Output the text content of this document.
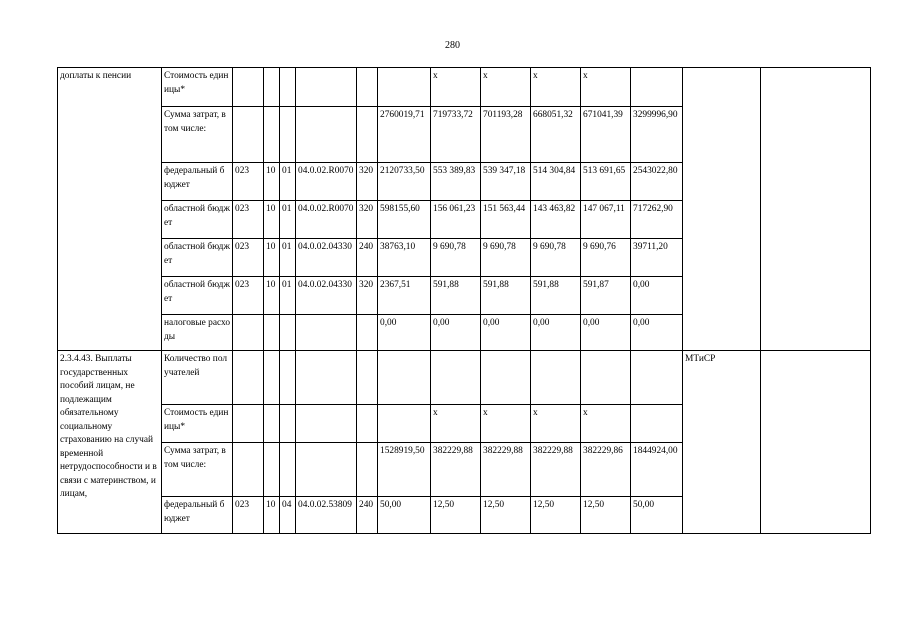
280
доплаты к пенсии	Стоимость единицы*							х	х	х	х			
	Сумма затрат, в том числе:						2760019,71	719733,72	701193,28	668051,32	671041,39	3299996,90		
	федеральный бюджет	023	10	01	04.0.02.R0070	320	2120733,50	553 389,83	539 347,18	514 304,84	513 691,65	2543022,80		
	областной бюджет	023	10	01	04.0.02.R0070	320	598155,60	156 061,23	151 563,44	143 463,82	147 067,11	717262,90		
	областной бюджет	023	10	01	04.0.02.04330	240	38763,10	9 690,78	9 690,78	9 690,78	9 690,76	39711,20		
	областной бюджет	023	10	01	04.0.02.04330	320	2367,51	591,88	591,88	591,88	591,87	0,00		
	налоговые расходы						0,00	0,00	0,00	0,00	0,00	0,00		
2.3.4.43. Выплаты государственных пособий лицам, не подлежащим обязательному социальному страхованию на случай временной нетрудоспособности и в связи с материнством, и лицам,	Количество получателей												МТиСР	
	Стоимость единицы*							х	х	х	х			
	Сумма затрат, в том числе:						1528919,50	382229,88	382229,88	382229,88	382229,86	1844924,00		
	федеральный бюджет	023	10	04	04.0.02.53809	240	50,00	12,50	12,50	12,50	12,50	50,00		
